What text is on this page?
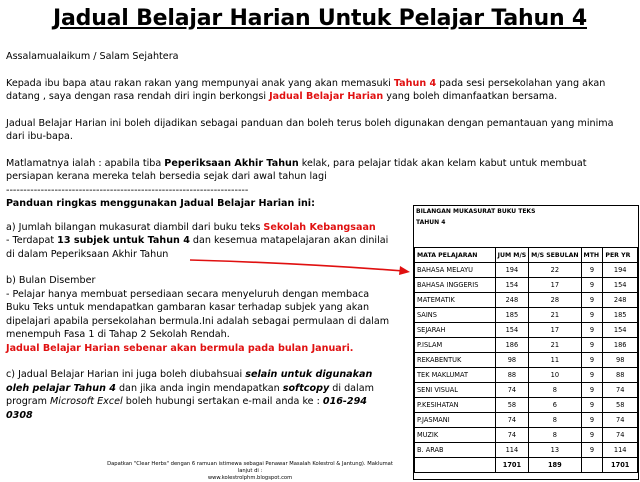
Jadual Belajar Harian Untuk Pelajar Tahun 4

Assalamualaikum / Salam Sejahtera

Kepada ibu bapa atau rakan rakan yang mempunyai anak yang akan memasuki Tahun 4 pada sesi persekolahan yang akan datang , saya dengan rasa rendah diri ingin berkongsi Jadual Belajar Harian yang boleh dimanfaatkan bersama.

Jadual Belajar Harian ini boleh dijadikan sebagai panduan dan boleh terus boleh digunakan dengan pemantauan yang minima dari ibu-bapa.

Matlamatnya ialah : apabila tiba Peperiksaan Akhir Tahun kelak, para pelajar tidak akan kelam kabut untuk membuat persiapan kerana mereka telah bersedia sejak dari awal tahun lagi

----------------------------------------------------------------------

Panduan ringkas menggunakan Jadual Belajar Harian ini:

a) Jumlah bilangan mukasurat diambil dari buku teks Sekolah Kebangsaan
- Terdapat 13 subjek untuk Tahun 4 dan kesemua matapelajaran akan dinilai di dalam Peperiksaan Akhir Tahun

b) Bulan Disember

- Pelajar hanya membuat persediaan secara menyeluruh dengan membaca Buku Teks untuk mendapatkan gambaran kasar terhadap subjek yang akan dipelajari apabila persekolahan bermula.Ini adalah sebagai permulaan di dalam menempuh Fasa 1 di Tahap 2 Sekolah Rendah.
Jadual Belajar Harian sebenar akan bermula pada bulan Januari.

c) Jadual Belajar Harian ini juga boleh diubahsuai selain untuk digunakan oleh pelajar Tahun 4 dan jika anda ingin mendapatkan softcopy di dalam program Microsoft Excel boleh hubungi sertakan e-mail anda ke : 016-294 0308

Dapatkan "Clear Herbs" dengan 6 ramuan istimewa sebagai Penawar Masalah Kolestrol & Jantung). Maklumat lanjut di :
www.kolestrolphm.blogspot.com
BILANGAN MUKASURAT BUKU TEKS
TAHUN 4
MATA PELAJARAN	JUM M/S	M/S SEBULAN	MTH	PER YR
BAHASA MELAYU	194	22	9	194
BAHASA INGGERIS	154	17	9	154
MATEMATIK	248	28	9	248
SAINS	185	21	9	185
SEJARAH	154	17	9	154
P.ISLAM	186	21	9	186
REKABENTUK	98	11	9	98
TEK MAKLUMAT	88	10	9	88
SENI VISUAL	74	8	9	74
P.KESIHATAN	58	6	9	58
P.JASMANI	74	8	9	74
MUZIK	74	8	9	74
B. ARAB	114	13	9	114
	1701	189		1701
